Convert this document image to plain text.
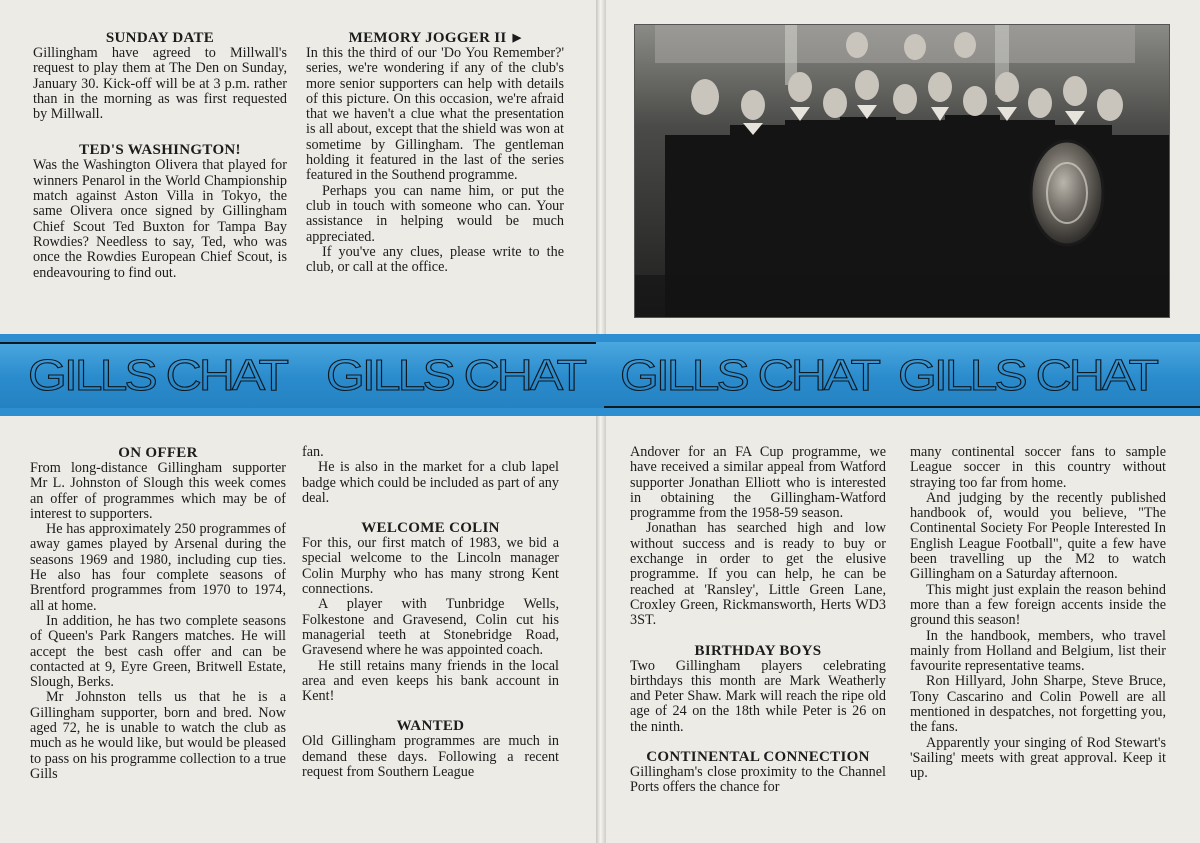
SUNDAY DATE

Gillingham have agreed to Millwall's request to play them at The Den on Sunday, January 30. Kick-off will be at 3 p.m. rather than in the morning as was first requested by Millwall.

TED'S WASHINGTON!

Was the Washington Olivera that played for winners Penarol in the World Championship match against Aston Villa in Tokyo, the same Olivera once signed by Gillingham Chief Scout Ted Buxton for Tampa Bay Rowdies? Needless to say, Ted, who was once the Rowdies European Chief Scout, is endeavouring to find out.

MEMORY JOGGER II ▶

In this the third of our 'Do You Remember?' series, we're wondering if any of the club's more senior supporters can help with details of this picture. On this occasion, we're afraid that we haven't a clue what the presentation is all about, except that the shield was won at sometime by Gillingham. The gentleman holding it featured in the last of the series featured in the Southend programme.

Perhaps you can name him, or put the club in touch with someone who can. Your assistance in helping would be much appreciated.

If you've any clues, please write to the club, or call at the office.

GILLS CHAT GILLS CHAT GILLS CHAT GILLS CHAT
ON OFFER

From long-distance Gillingham supporter Mr L. Johnston of Slough this week comes an offer of programmes which may be of interest to supporters.

He has approximately 250 programmes of away games played by Arsenal during the seasons 1969 and 1980, including cup ties. He also has four complete seasons of Brentford programmes from 1970 to 1974, all at home.

In addition, he has two complete seasons of Queen's Park Rangers matches. He will accept the best cash offer and can be contacted at 9, Eyre Green, Britwell Estate, Slough, Berks.

Mr Johnston tells us that he is a Gillingham supporter, born and bred. Now aged 72, he is unable to watch the club as much as he would like, but would be pleased to pass on his programme collection to a true Gills

fan.

He is also in the market for a club lapel badge which could be included as part of any deal.

WELCOME COLIN

For this, our first match of 1983, we bid a special welcome to the Lincoln manager Colin Murphy who has many strong Kent connections.

A player with Tunbridge Wells, Folkestone and Gravesend, Colin cut his managerial teeth at Stonebridge Road, Gravesend where he was appointed coach.

He still retains many friends in the local area and even keeps his bank account in Kent!

WANTED

Old Gillingham programmes are much in demand these days. Following a recent request from Southern League

Andover for an FA Cup programme, we have received a similar appeal from Watford supporter Jonathan Elliott who is interested in obtaining the Gillingham-Watford programme from the 1958-59 season.

Jonathan has searched high and low without success and is ready to buy or exchange in order to get the elusive programme. If you can help, he can be reached at 'Ransley', Little Green Lane, Croxley Green, Rickmansworth, Herts WD3 3ST.

BIRTHDAY BOYS

Two Gillingham players celebrating birthdays this month are Mark Weatherly and Peter Shaw. Mark will reach the ripe old age of 24 on the 18th while Peter is 26 on the ninth.

CONTINENTAL CONNECTION

Gillingham's close proximity to the Channel Ports offers the chance for

many continental soccer fans to sample League soccer in this country without straying too far from home.

And judging by the recently published handbook of, would you believe, "The Continental Society For People Interested In English League Football", quite a few have been travelling up the M2 to watch Gillingham on a Saturday afternoon.

This might just explain the reason behind more than a few foreign accents inside the ground this season!

In the handbook, members, who travel mainly from Holland and Belgium, list their favourite representative teams.

Ron Hillyard, John Sharpe, Steve Bruce, Tony Cascarino and Colin Powell are all mentioned in despatches, not forgetting you, the fans.

Apparently your singing of Rod Stewart's 'Sailing' meets with great approval. Keep it up.
